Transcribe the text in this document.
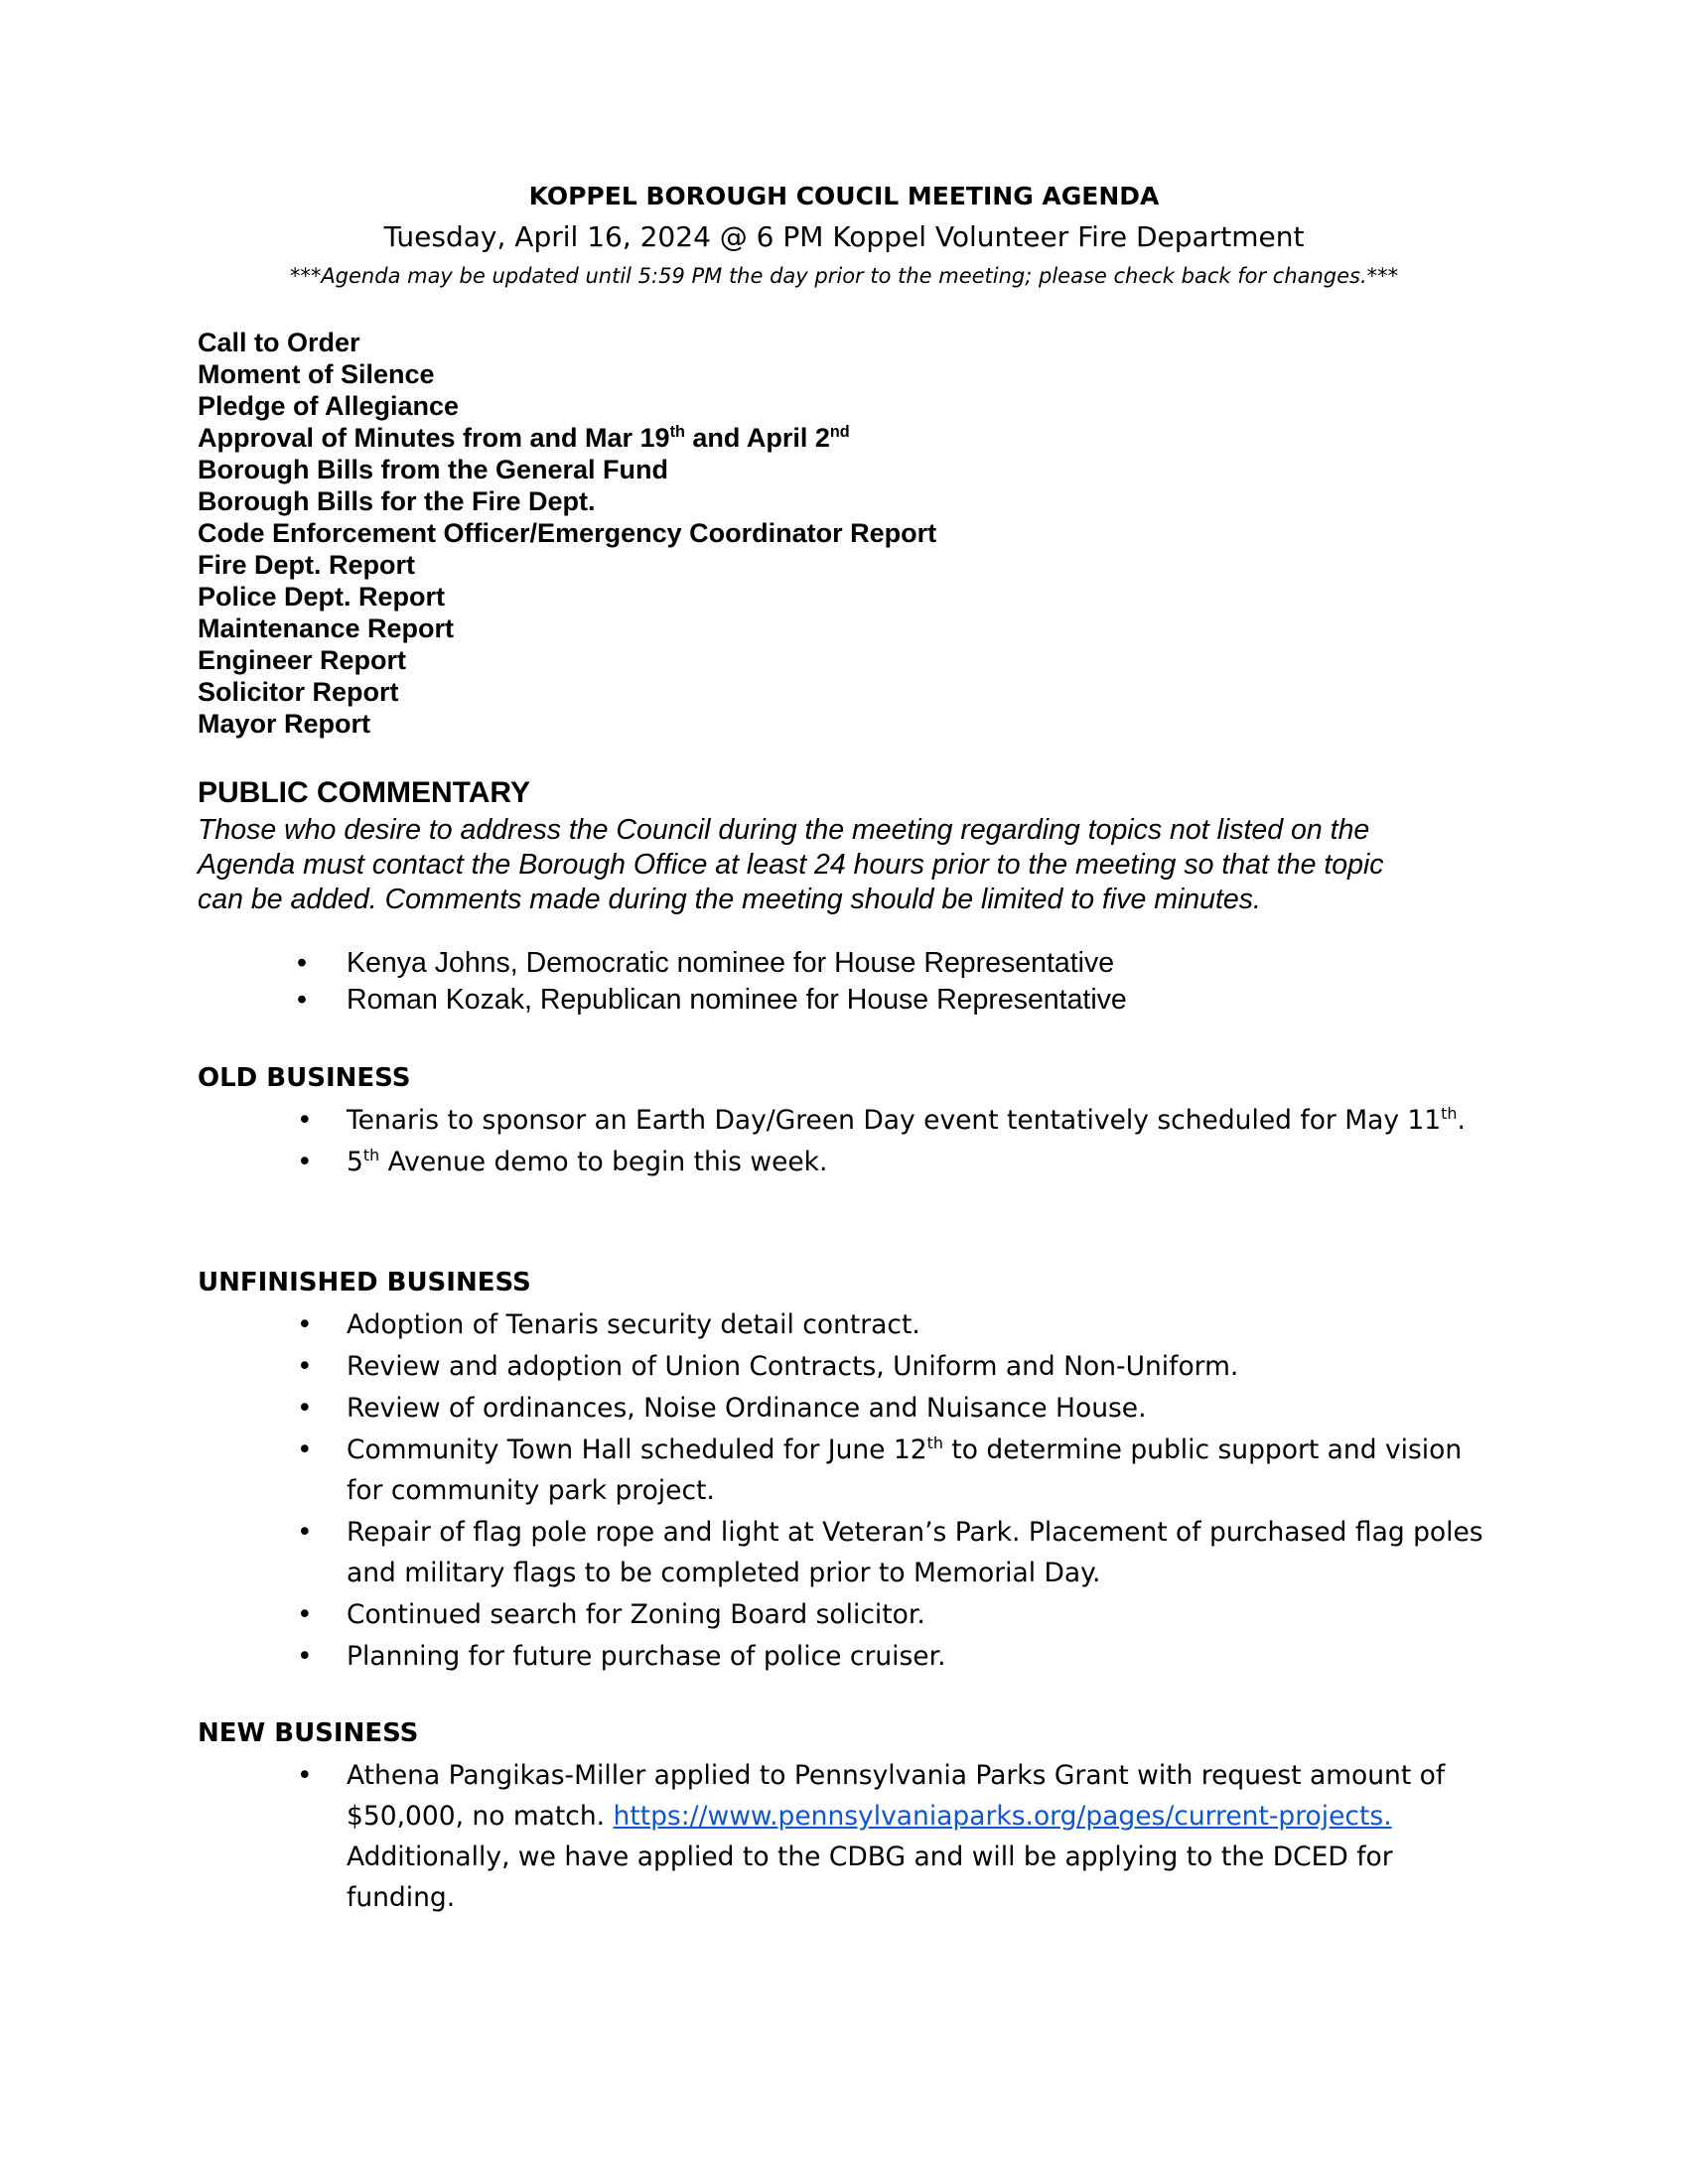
KOPPEL BOROUGH COUCIL MEETING AGENDA
Tuesday, April 16, 2024 @ 6 PM Koppel Volunteer Fire Department
***Agenda may be updated until 5:59 PM the day prior to the meeting; please check back for changes.***
Call to Order
Moment of Silence
Pledge of Allegiance
Approval of Minutes from and Mar 19th and April 2nd
Borough Bills from the General Fund
Borough Bills for the Fire Dept.
Code Enforcement Officer/Emergency Coordinator Report
Fire Dept. Report
Police Dept. Report
Maintenance Report
Engineer Report
Solicitor Report
Mayor Report
PUBLIC COMMENTARY
Those who desire to address the Council during the meeting regarding topics not listed on the
Agenda must contact the Borough Office at least 24 hours prior to the meeting so that the topic
can be added. Comments made during the meeting should be limited to five minutes.
• Kenya Johns, Democratic nominee for House Representative
• Roman Kozak, Republican nominee for House Representative
OLD BUSINESS
• Tenaris to sponsor an Earth Day/Green Day event tentatively scheduled for May 11th.
• 5th Avenue demo to begin this week.
UNFINISHED BUSINESS
• Adoption of Tenaris security detail contract.
• Review and adoption of Union Contracts, Uniform and Non-Uniform.
• Review of ordinances, Noise Ordinance and Nuisance House.
• Community Town Hall scheduled for June 12th to determine public support and vision for community park project.
• Repair of flag pole rope and light at Veteran’s Park. Placement of purchased flag poles and military flags to be completed prior to Memorial Day.
• Continued search for Zoning Board solicitor.
• Planning for future purchase of police cruiser.
NEW BUSINESS
• Athena Pangikas-Miller applied to Pennsylvania Parks Grant with request amount of $50,000, no match. https://www.pennsylvaniaparks.org/pages/current-projects. Additionally, we have applied to the CDBG and will be applying to the DCED for funding.
